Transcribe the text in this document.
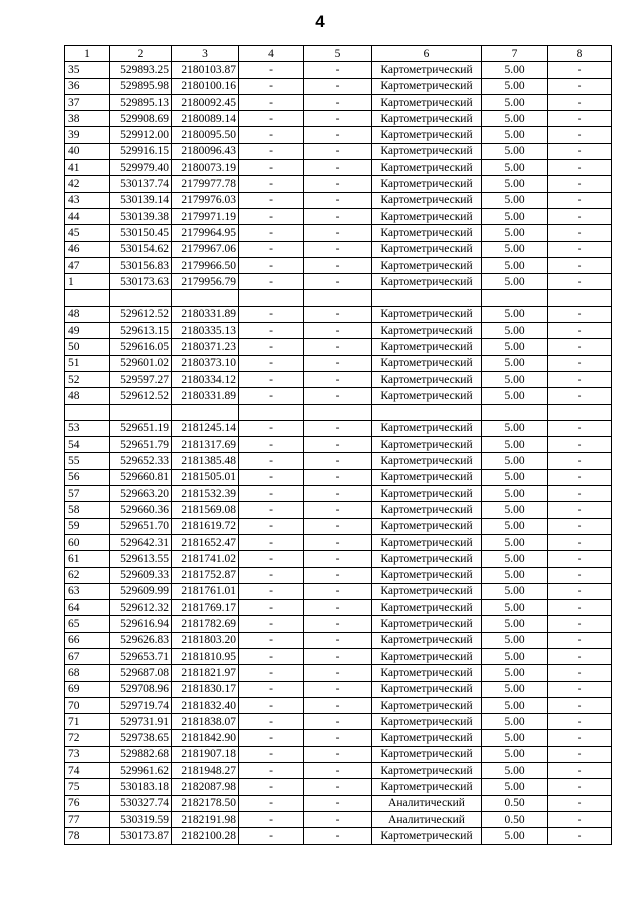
4
1	2	3	4	5	6	7	8
35	529893.25	2180103.87	-	-	Картометрический	5.00	-
36	529895.98	2180100.16	-	-	Картометрический	5.00	-
37	529895.13	2180092.45	-	-	Картометрический	5.00	-
38	529908.69	2180089.14	-	-	Картометрический	5.00	-
39	529912.00	2180095.50	-	-	Картометрический	5.00	-
40	529916.15	2180096.43	-	-	Картометрический	5.00	-
41	529979.40	2180073.19	-	-	Картометрический	5.00	-
42	530137.74	2179977.78	-	-	Картометрический	5.00	-
43	530139.14	2179976.03	-	-	Картометрический	5.00	-
44	530139.38	2179971.19	-	-	Картометрический	5.00	-
45	530150.45	2179964.95	-	-	Картометрический	5.00	-
46	530154.62	2179967.06	-	-	Картометрический	5.00	-
47	530156.83	2179966.50	-	-	Картометрический	5.00	-
1	530173.63	2179956.79	-	-	Картометрический	5.00	-

48	529612.52	2180331.89	-	-	Картометрический	5.00	-
49	529613.15	2180335.13	-	-	Картометрический	5.00	-
50	529616.05	2180371.23	-	-	Картометрический	5.00	-
51	529601.02	2180373.10	-	-	Картометрический	5.00	-
52	529597.27	2180334.12	-	-	Картометрический	5.00	-
48	529612.52	2180331.89	-	-	Картометрический	5.00	-

53	529651.19	2181245.14	-	-	Картометрический	5.00	-
54	529651.79	2181317.69	-	-	Картометрический	5.00	-
55	529652.33	2181385.48	-	-	Картометрический	5.00	-
56	529660.81	2181505.01	-	-	Картометрический	5.00	-
57	529663.20	2181532.39	-	-	Картометрический	5.00	-
58	529660.36	2181569.08	-	-	Картометрический	5.00	-
59	529651.70	2181619.72	-	-	Картометрический	5.00	-
60	529642.31	2181652.47	-	-	Картометрический	5.00	-
61	529613.55	2181741.02	-	-	Картометрический	5.00	-
62	529609.33	2181752.87	-	-	Картометрический	5.00	-
63	529609.99	2181761.01	-	-	Картометрический	5.00	-
64	529612.32	2181769.17	-	-	Картометрический	5.00	-
65	529616.94	2181782.69	-	-	Картометрический	5.00	-
66	529626.83	2181803.20	-	-	Картометрический	5.00	-
67	529653.71	2181810.95	-	-	Картометрический	5.00	-
68	529687.08	2181821.97	-	-	Картометрический	5.00	-
69	529708.96	2181830.17	-	-	Картометрический	5.00	-
70	529719.74	2181832.40	-	-	Картометрический	5.00	-
71	529731.91	2181838.07	-	-	Картометрический	5.00	-
72	529738.65	2181842.90	-	-	Картометрический	5.00	-
73	529882.68	2181907.18	-	-	Картометрический	5.00	-
74	529961.62	2181948.27	-	-	Картометрический	5.00	-
75	530183.18	2182087.98	-	-	Картометрический	5.00	-
76	530327.74	2182178.50	-	-	Аналитический	0.50	-
77	530319.59	2182191.98	-	-	Аналитический	0.50	-
78	530173.87	2182100.28	-	-	Картометрический	5.00	-
